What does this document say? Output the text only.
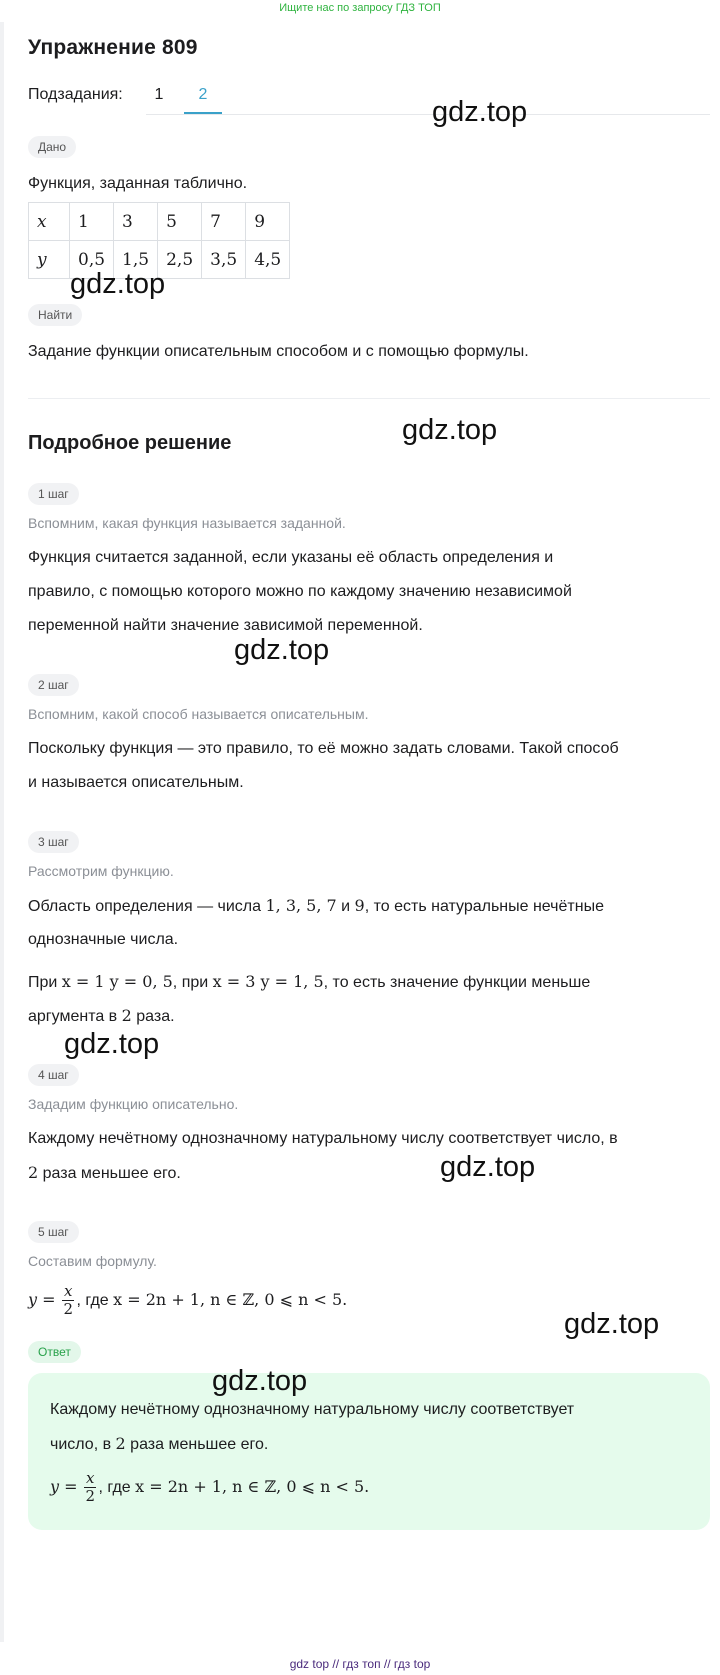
Ищите нас по запросу ГДЗ ТОП
Упражнение 809
Подзадания:	1	2
Дано
Функция, заданная таблично.
x	1	3	5	7	9
y	0,5	1,5	2,5	3,5	4,5
Найти
Задание функции описательным способом и с помощью формулы.
Подробное решение
1 шаг
Вспомним, какая функция называется заданной.
Функция считается заданной, если указаны её область определения и
правило, с помощью которого можно по каждому значению независимой
переменной найти значение зависимой переменной.
2 шаг
Вспомним, какой способ называется описательным.
Поскольку функция — это правило, то её можно задать словами. Такой способ
и называется описательным.
3 шаг
Рассмотрим функцию.
Область определения — числа 1, 3, 5, 7 и 9, то есть натуральные нечётные
однозначные числа.
При x = 1 y = 0, 5, при x = 3 y = 1, 5, то есть значение функции меньше
аргумента в 2 раза.
4 шаг
Зададим функцию описательно.
Каждому нечётному однозначному натуральному числу соответствует число, в
2 раза меньшее его.
5 шаг
Составим формулу.
$y = \frac{x}{2}$ , где x = 2n + 1, n ∈ ℤ, 0 ⩽ n < 5.
Ответ
Каждому нечётному однозначному натуральному числу соответствует
число, в 2 раза меньшее его.
$y = \frac{x}{2}$ , где x = 2n + 1, n ∈ ℤ, 0 ⩽ n < 5.
gdz.top
gdz.top
gdz.top
gdz.top
gdz.top
gdz.top
gdz.top
gdz.top
gdz top // гдз топ // гдз top
